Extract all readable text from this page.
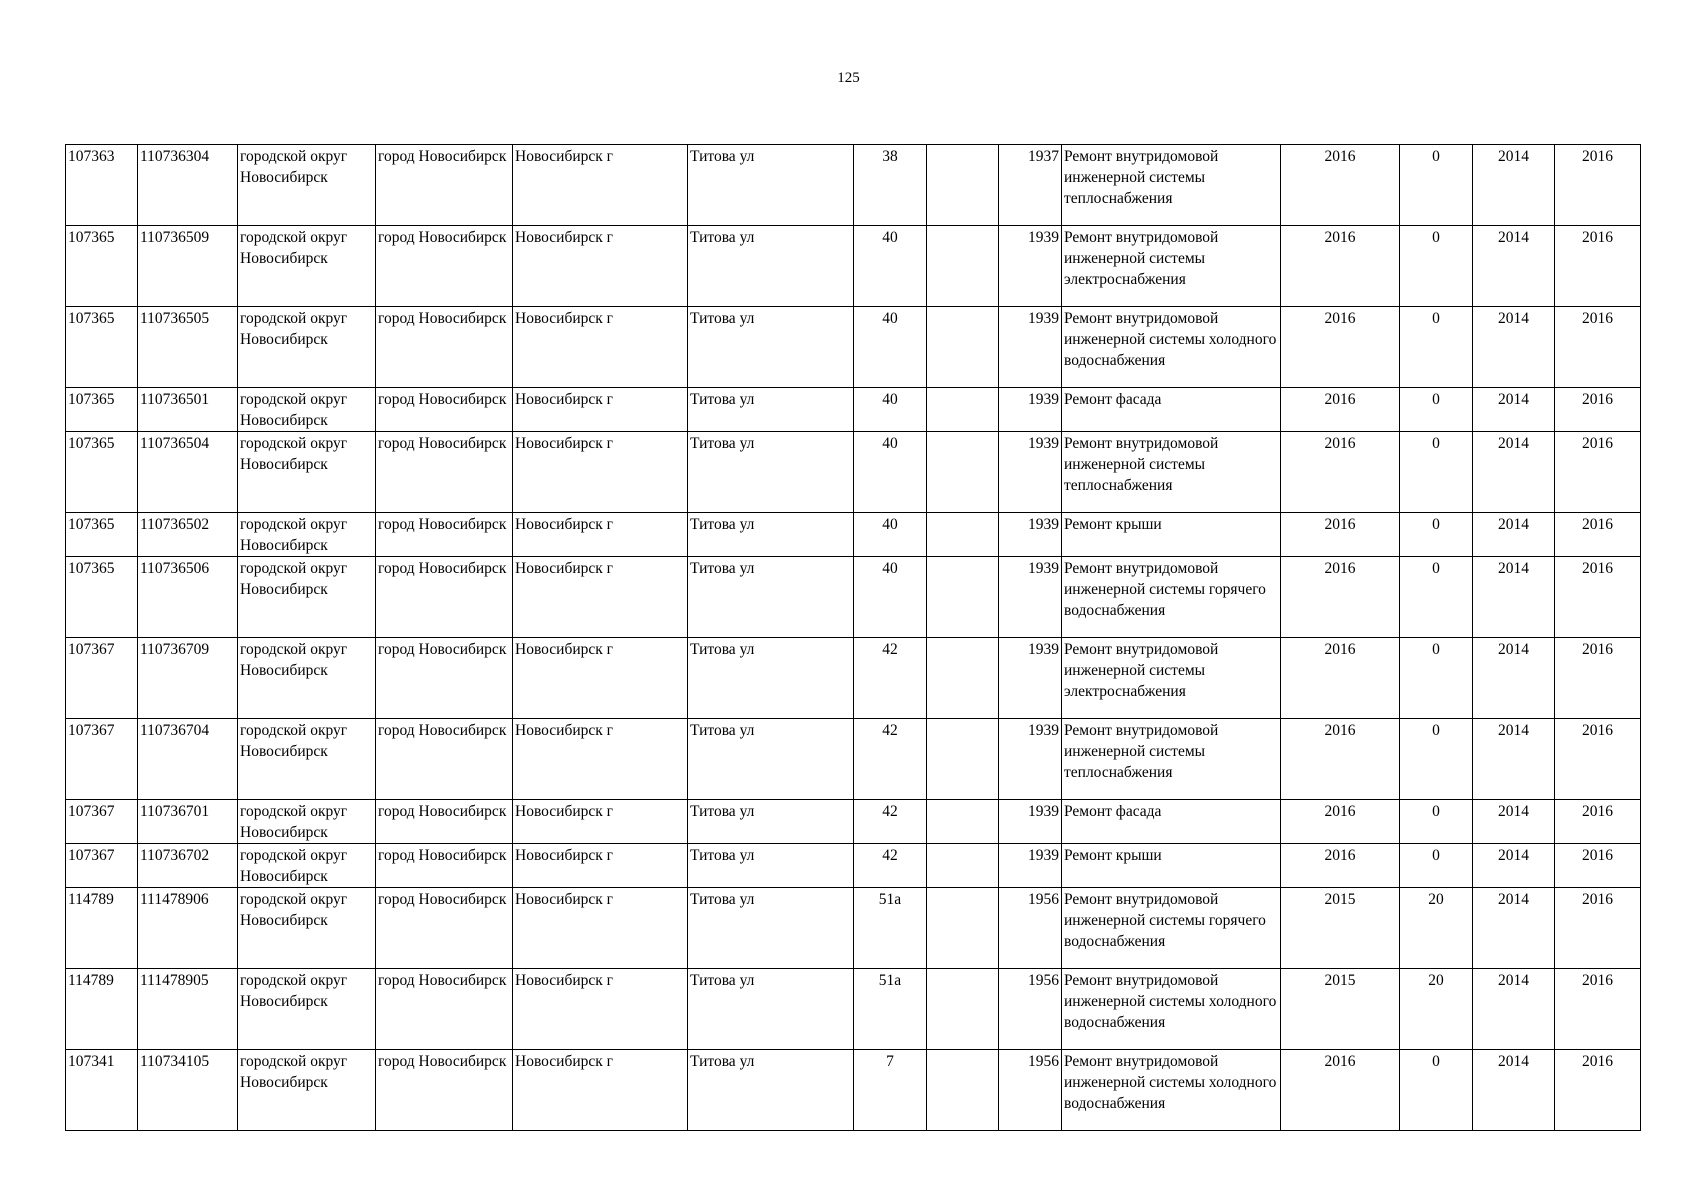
125
107363	110736304	городской округ Новосибирск	город Новосибирск	Новосибирск г	Титова ул	38		1937	Ремонт внутридомовой инженерной системы теплоснабжения	2016	0	2014	2016
107365	110736509	городской округ Новосибирск	город Новосибирск	Новосибирск г	Титова ул	40		1939	Ремонт внутридомовой инженерной системы электроснабжения	2016	0	2014	2016
107365	110736505	городской округ Новосибирск	город Новосибирск	Новосибирск г	Титова ул	40		1939	Ремонт внутридомовой инженерной системы холодного водоснабжения	2016	0	2014	2016
107365	110736501	городской округ Новосибирск	город Новосибирск	Новосибирск г	Титова ул	40		1939	Ремонт фасада	2016	0	2014	2016
107365	110736504	городской округ Новосибирск	город Новосибирск	Новосибирск г	Титова ул	40		1939	Ремонт внутридомовой инженерной системы теплоснабжения	2016	0	2014	2016
107365	110736502	городской округ Новосибирск	город Новосибирск	Новосибирск г	Титова ул	40		1939	Ремонт крыши	2016	0	2014	2016
107365	110736506	городской округ Новосибирск	город Новосибирск	Новосибирск г	Титова ул	40		1939	Ремонт внутридомовой инженерной системы горячего водоснабжения	2016	0	2014	2016
107367	110736709	городской округ Новосибирск	город Новосибирск	Новосибирск г	Титова ул	42		1939	Ремонт внутридомовой инженерной системы электроснабжения	2016	0	2014	2016
107367	110736704	городской округ Новосибирск	город Новосибирск	Новосибирск г	Титова ул	42		1939	Ремонт внутридомовой инженерной системы теплоснабжения	2016	0	2014	2016
107367	110736701	городской округ Новосибирск	город Новосибирск	Новосибирск г	Титова ул	42		1939	Ремонт фасада	2016	0	2014	2016
107367	110736702	городской округ Новосибирск	город Новосибирск	Новосибирск г	Титова ул	42		1939	Ремонт крыши	2016	0	2014	2016
114789	111478906	городской округ Новосибирск	город Новосибирск	Новосибирск г	Титова ул	51а		1956	Ремонт внутридомовой инженерной системы горячего водоснабжения	2015	20	2014	2016
114789	111478905	городской округ Новосибирск	город Новосибирск	Новосибирск г	Титова ул	51а		1956	Ремонт внутридомовой инженерной системы холодного водоснабжения	2015	20	2014	2016
107341	110734105	городской округ Новосибирск	город Новосибирск	Новосибирск г	Титова ул	7		1956	Ремонт внутридомовой инженерной системы холодного водоснабжения	2016	0	2014	2016
